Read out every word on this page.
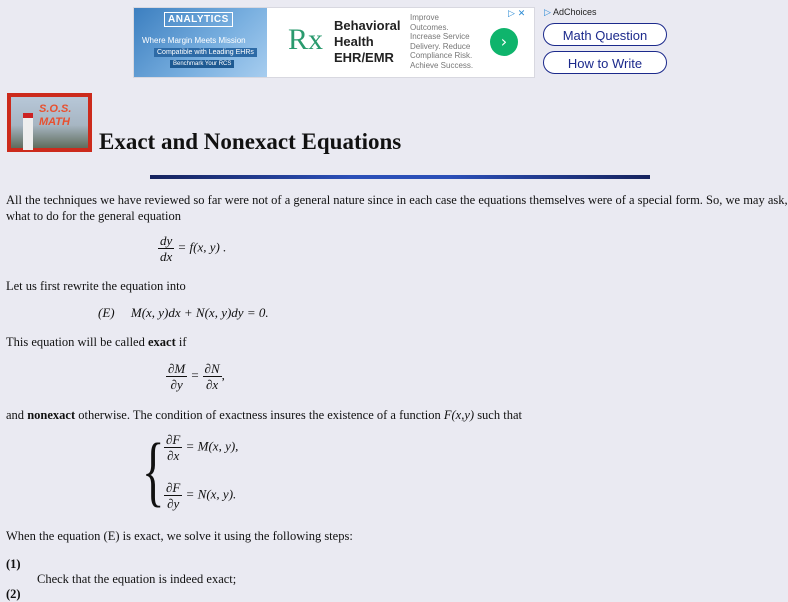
ANALYTICS
Where Margin Meets Mission
Compatible with Leading EHRs
Benchmark Your RCS
Rx Behavioral Health EHR/EMR
Improve Outcomes. Increase Service Delivery. Reduce Compliance Risk. Achieve Success.
›
▷ ✕ ▷ AdChoices
Math Question
How to Write
S.O.S.
MATH
Exact and Nonexact Equations

All the techniques we have reviewed so far were not of a general nature since in each case the equations themselves were of a special form. So, we may ask, what to do for the general equation

$\frac{dy}{dx} = f(x$, y) .

Let us first rewrite the equation into

(E) M(x, y)dx + N(x, y)dy = 0.

This equation will be called exact if

$\frac{\partial M}{\partial y} = \frac{\partial N}{\partial x}$ ,

and nonexact otherwise. The condition of exactness insures the existence of a function F(x,y) such that

{ $\frac{\partial F}{\partial x} = M(x$, y),
$\frac{\partial F}{\partial y} = N(x$, y).

When the equation (E) is exact, we solve it using the following steps:

(1)

Check that the equation is indeed exact;

(2)
